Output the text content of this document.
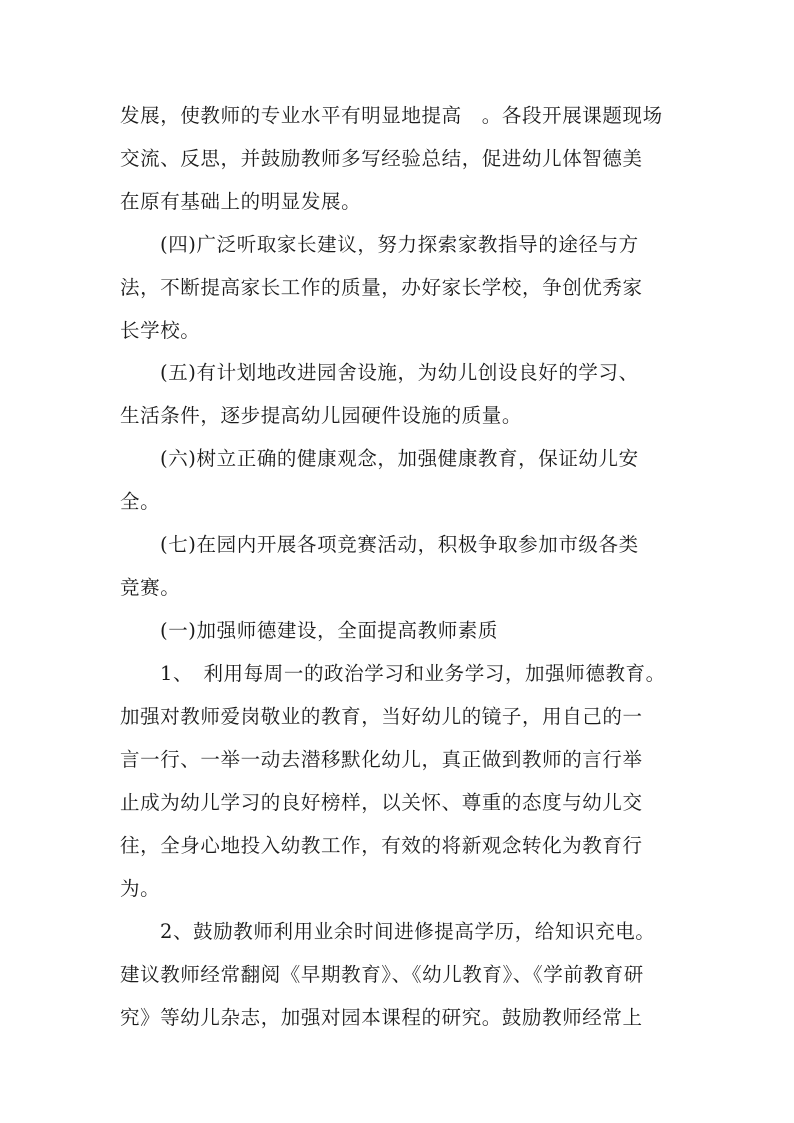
发展，使教师的专业水平有明显地提高　。各段开展课题现场
交流、反思，并鼓励教师多写经验总结，促进幼儿体智德美
在原有基础上的明显发展。
(四)广泛听取家长建议，努力探索家教指导的途径与方
法，不断提高家长工作的质量，办好家长学校，争创优秀家
长学校。
(五)有计划地改进园舍设施，为幼儿创设良好的学习、
生活条件，逐步提高幼儿园硬件设施的质量。
(六)树立正确的健康观念，加强健康教育，保证幼儿安
全。
(七)在园内开展各项竞赛活动，积极争取参加市级各类
竞赛。
(一)加强师德建设，全面提高教师素质
1、　利用每周一的政治学习和业务学习，加强师德教育。
加强对教师爱岗敬业的教育，当好幼儿的镜子，用自己的一
言一行、一举一动去潜移默化幼儿，真正做到教师的言行举
止成为幼儿学习的良好榜样，以关怀、尊重的态度与幼儿交
往，全身心地投入幼教工作，有效的将新观念转化为教育行
为。
2、鼓励教师利用业余时间进修提高学历，给知识充电。
建议教师经常翻阅《早期教育》、《幼儿教育》、《学前教育研
究》等幼儿杂志，加强对园本课程的研究。鼓励教师经常上
